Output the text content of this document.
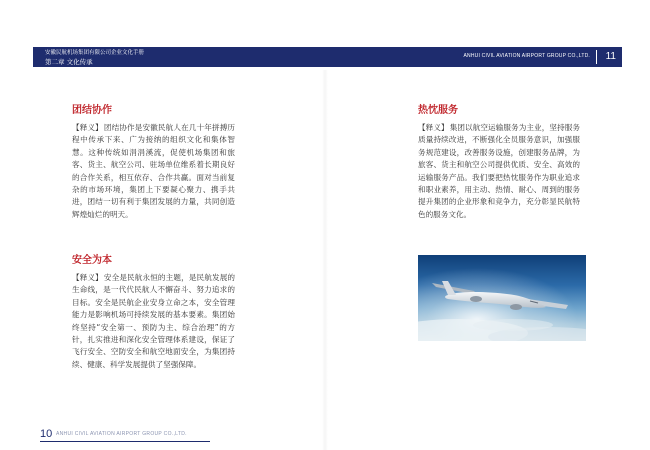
安徽民航机场集团有限公司企业文化手册
第二章 文化传承
ANHUI CIVIL AVIATION AIRPORT GROUP CO.,LTD. 11
团结协作

【释义】团结协作是安徽民航人在几十年拼搏历程中传承下来、广为接纳的组织文化和集体智慧。这种传统如涓涓溪流，促使机场集团和旅客、货主、航空公司、驻场单位维系着长期良好的合作关系，相互依存、合作共赢。面对当前复杂的市场环境，集团上下要凝心聚力、携手共进，团结一切有利于集团发展的力量，共同创造辉煌灿烂的明天。

安全为本

【释义】安全是民航永恒的主题，是民航发展的生命线，是一代代民航人不懈奋斗、努力追求的目标。安全是民航企业安身立命之本，安全管理能力是影响机场可持续发展的基本要素。集团始终坚持“安全第一、预防为主、综合治理”的方针，扎实推进和深化安全管理体系建设，保证了飞行安全、空防安全和航空地面安全，为集团持续、健康、科学发展提供了坚强保障。

热忱服务

【释义】集团以航空运输服务为主业，坚持服务质量持续改进，不断强化全员服务意识，加强服务规范建设，改善服务设施，创建服务品牌，为旅客、货主和航空公司提供优质、安全、高效的运输服务产品。我们要把热忱服务作为职业追求和职业素养，用主动、热情、耐心、周到的服务提升集团的企业形象和竞争力，充分彰显民航特色的服务文化。

10 ANHUI CIVIL AVIATION AIRPORT GROUP CO.,LTD.
